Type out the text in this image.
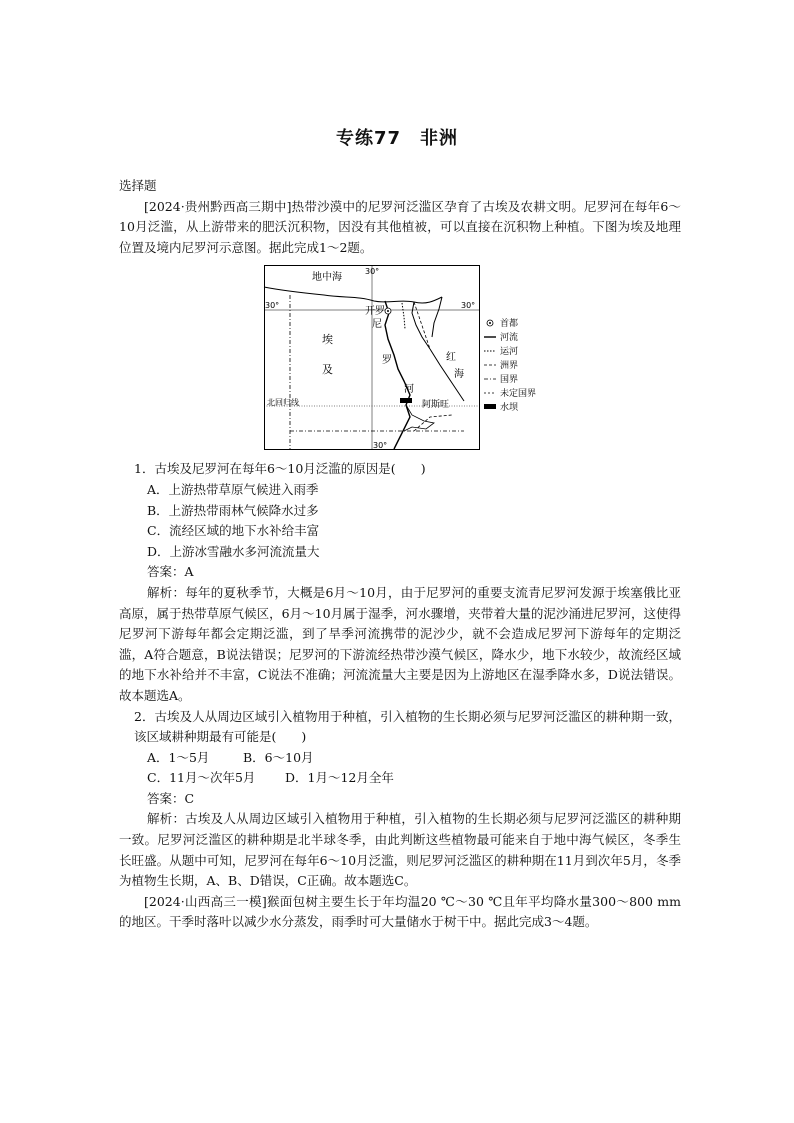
专练77　非洲

选择题

[2024·贵州黔西高三期中]热带沙漠中的尼罗河泛滥区孕育了古埃及农耕文明。尼罗河在每年6～10月泛滥，从上游带来的肥沃沉积物，因没有其他植被，可以直接在沉积物上种植。下图为埃及地理位置及境内尼罗河示意图。据此完成1～2题。

地中海
30°
30°	30°
30°
开罗
埃
及
尼
罗
河
红
海
北回归线	阿斯旺
首都
河流
运河
洲界
国界
未定国界
水坝

1．古埃及尼罗河在每年6～10月泛滥的原因是(　　)

A．上游热带草原气候进入雨季

B．上游热带雨林气候降水过多

C．流经区域的地下水补给丰富

D．上游冰雪融水多河流流量大

答案：A

解析：每年的夏秋季节，大概是6月～10月，由于尼罗河的重要支流青尼罗河发源于埃塞俄比亚高原，属于热带草原气候区，6月～10月属于湿季，河水骤增，夹带着大量的泥沙涌进尼罗河，这使得尼罗河下游每年都会定期泛滥，到了旱季河流携带的泥沙少，就不会造成尼罗河下游每年的定期泛滥，A符合题意，B说法错误；尼罗河的下游流经热带沙漠气候区，降水少，地下水较少，故流经区域的地下水补给并不丰富，C说法不准确；河流流量大主要是因为上游地区在湿季降水多，D说法错误。故本题选A。

2．古埃及人从周边区域引入植物用于种植，引入植物的生长期必须与尼罗河泛滥区的耕种期一致，该区域耕种期最有可能是(　　)

A．1～5月	B．6～10月

C．11月～次年5月 D．1月～12月全年

答案：C

解析：古埃及人从周边区域引入植物用于种植，引入植物的生长期必须与尼罗河泛滥区的耕种期一致。尼罗河泛滥区的耕种期是北半球冬季，由此判断这些植物最可能来自于地中海气候区，冬季生长旺盛。从题中可知，尼罗河在每年6～10月泛滥，则尼罗河泛滥区的耕种期在11月到次年5月，冬季为植物生长期，A、B、D错误，C正确。故本题选C。

[2024·山西高三一模]猴面包树主要生长于年均温20 ℃～30 ℃且年平均降水量300～800 mm的地区。干季时落叶以减少水分蒸发，雨季时可大量储水于树干中。据此完成3～4题。
